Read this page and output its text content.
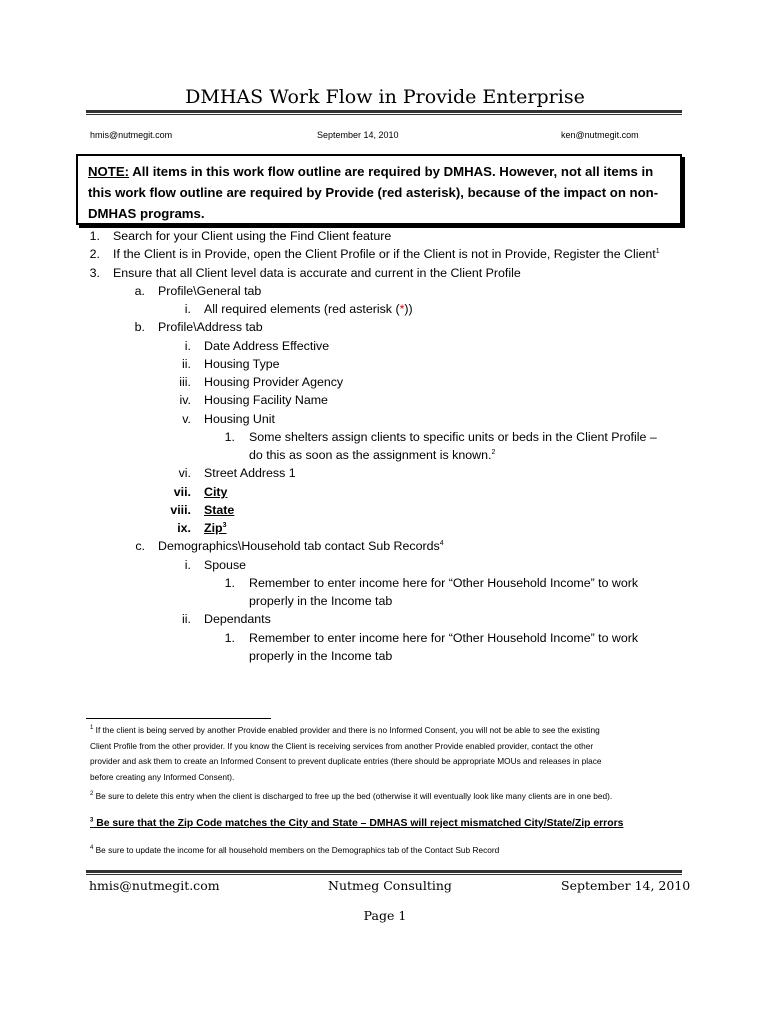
DMHAS Work Flow in Provide Enterprise
hmis@nutmegit.com	September 14, 2010	ken@nutmegit.com
NOTE: All items in this work flow outline are required by DMHAS. However, not all items in this work flow outline are required by Provide (red asterisk), because of the impact on non-DMHAS programs.
1. Search for your Client using the Find Client feature
2. If the Client is in Provide, open the Client Profile or if the Client is not in Provide, Register the Client$^1$
3. Ensure that all Client level data is accurate and current in the Client Profile
a. Profile\General tab
i. All required elements (red asterisk (*))
b. Profile\Address tab
i. Date Address Effective
ii. Housing Type
iii. Housing Provider Agency
iv. Housing Facility Name
v. Housing Unit
1. Some shelters assign clients to specific units or beds in the Client Profile –
do this as soon as the assignment is known.$^2$
vi. Street Address 1
vii. City
viii. State
ix. Zip$^3$
c. Demographics\Household tab contact Sub Records$^4$
i. Spouse
1. Remember to enter income here for “Other Household Income” to work
properly in the Income tab
ii. Dependants
1. Remember to enter income here for “Other Household Income” to work
properly in the Income tab
$^1$ If the client is being served by another Provide enabled provider and there is no Informed Consent, you will not be able to see the existing
Client Profile from the other provider. If you know the Client is receiving services from another Provide enabled provider, contact the other
provider and ask them to create an Informed Consent to prevent duplicate entries (there should be appropriate MOUs and releases in place
before creating any Informed Consent).
$^2$ Be sure to delete this entry when the client is discharged to free up the bed (otherwise it will eventually look like many clients are in one bed).
$^3$ Be sure that the Zip Code matches the City and State – DMHAS will reject mismatched City/State/Zip errors
$^4$ Be sure to update the income for all household members on the Demographics tab of the Contact Sub Record
hmis@nutmegit.com	Nutmeg Consulting	September 14, 2010
Page 1
